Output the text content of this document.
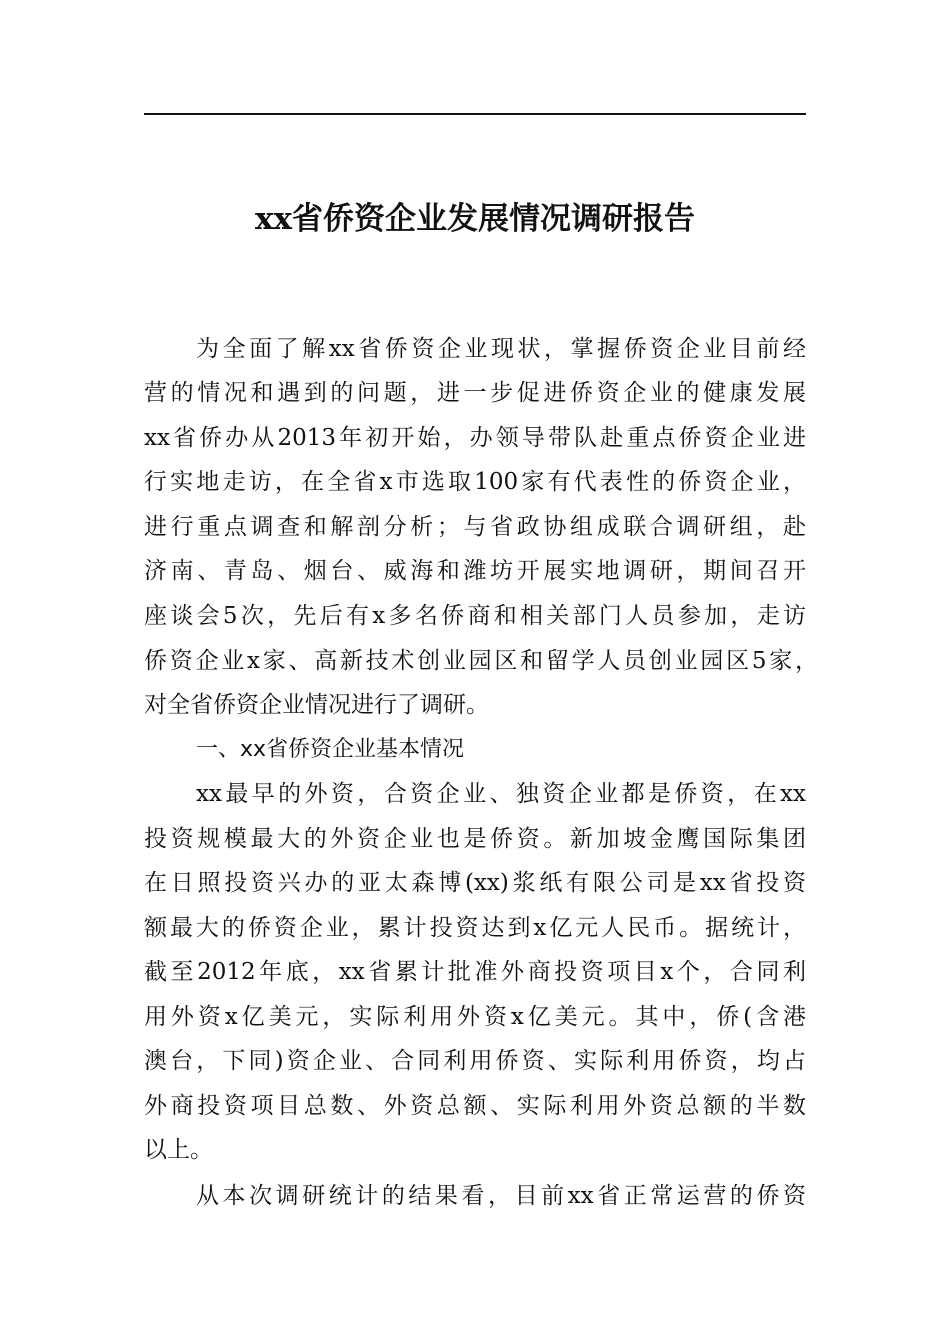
xx省侨资企业发展情况调研报告
为全面了解xx省侨资企业现状，掌握侨资企业目前经
营的情况和遇到的问题，进一步促进侨资企业的健康发展
xx省侨办从2013年初开始，办领导带队赴重点侨资企业进
行实地走访，在全省x市选取100家有代表性的侨资企业，
进行重点调查和解剖分析；与省政协组成联合调研组，赴
济南、青岛、烟台、威海和潍坊开展实地调研，期间召开
座谈会5次，先后有x多名侨商和相关部门人员参加，走访
侨资企业x家、高新技术创业园区和留学人员创业园区5家，
对全省侨资企业情况进行了调研。
一、xx省侨资企业基本情况
xx最早的外资，合资企业、独资企业都是侨资，在xx
投资规模最大的外资企业也是侨资。新加坡金鹰国际集团
在日照投资兴办的亚太森博(xx)浆纸有限公司是xx省投资
额最大的侨资企业，累计投资达到x亿元人民币。据统计，
截至2012年底，xx省累计批准外商投资项目x个，合同利
用外资x亿美元，实际利用外资x亿美元。其中，侨(含港
澳台，下同)资企业、合同利用侨资、实际利用侨资，均占
外商投资项目总数、外资总额、实际利用外资总额的半数
以上。
从本次调研统计的结果看，目前xx省正常运营的侨资
